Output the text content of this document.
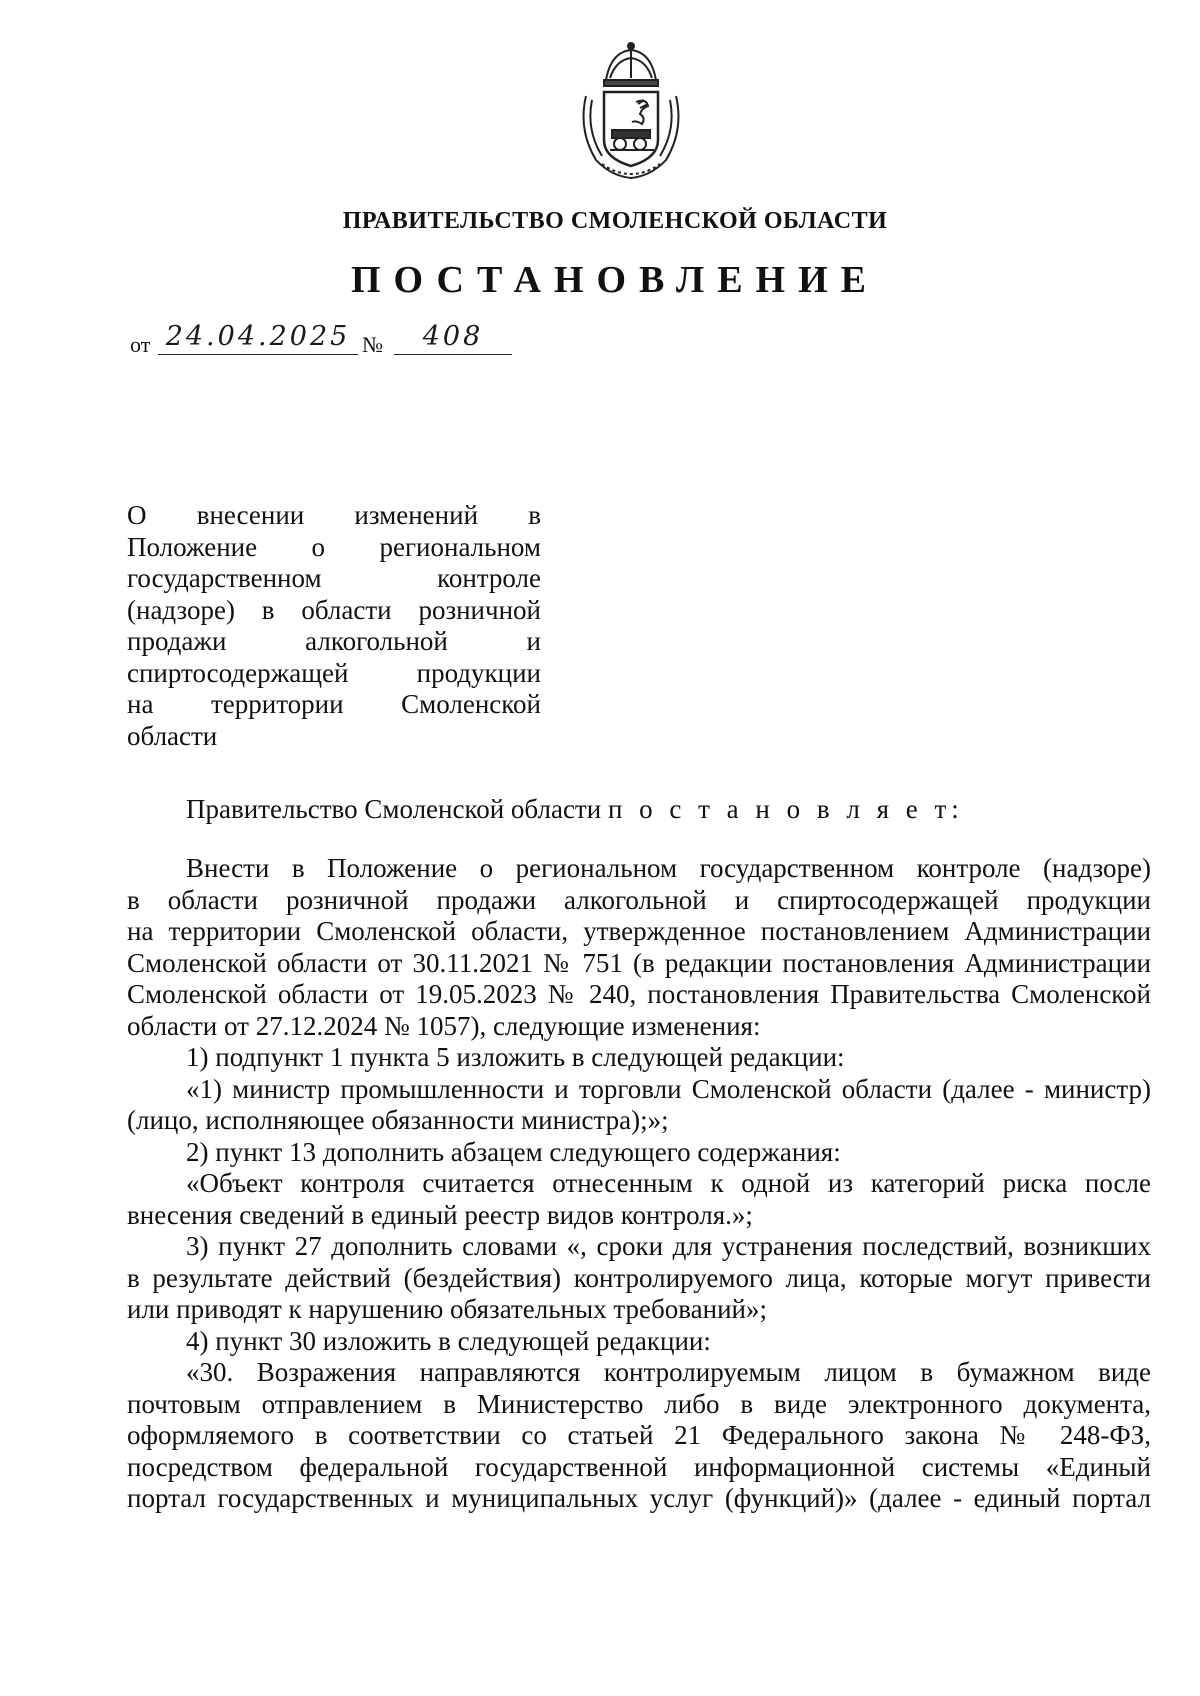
ПРАВИТЕЛЬСТВО СМОЛЕНСКОЙ ОБЛАСТИ
ПОСТАНОВЛЕНИЕ
от 24.04.2025 №	408
О внесении изменений в
Положение о региональном
государственном контроле
(надзоре) в области розничной
продажи алкогольной и
спиртосодержащей продукции
на территории Смоленской
области
Правительство Смоленской области п о с т а н о в л я е т:
Внести в Положение о региональном государственном контроле (надзоре)
в области розничной продажи алкогольной и спиртосодержащей продукции
на территории Смоленской области, утвержденное постановлением Администрации
Смоленской области от 30.11.2021 № 751 (в редакции постановления Администрации
Смоленской области от 19.05.2023 № 240, постановления Правительства Смоленской
области от 27.12.2024 № 1057), следующие изменения:
1) подпункт 1 пункта 5 изложить в следующей редакции:
«1) министр промышленности и торговли Смоленской области (далее - министр)
(лицо, исполняющее обязанности министра);»;
2) пункт 13 дополнить абзацем следующего содержания:
«Объект контроля считается отнесенным к одной из категорий риска после
внесения сведений в единый реестр видов контроля.»;
3) пункт 27 дополнить словами «, сроки для устранения последствий, возникших
в результате действий (бездействия) контролируемого лица, которые могут привести
или приводят к нарушению обязательных требований»;
4) пункт 30 изложить в следующей редакции:
«30. Возражения направляются контролируемым лицом в бумажном виде
почтовым отправлением в Министерство либо в виде электронного документа,
оформляемого в соответствии со статьей 21 Федерального закона № 248-ФЗ,
посредством федеральной государственной информационной системы «Единый
портал государственных и муниципальных услуг (функций)» (далее - единый портал
